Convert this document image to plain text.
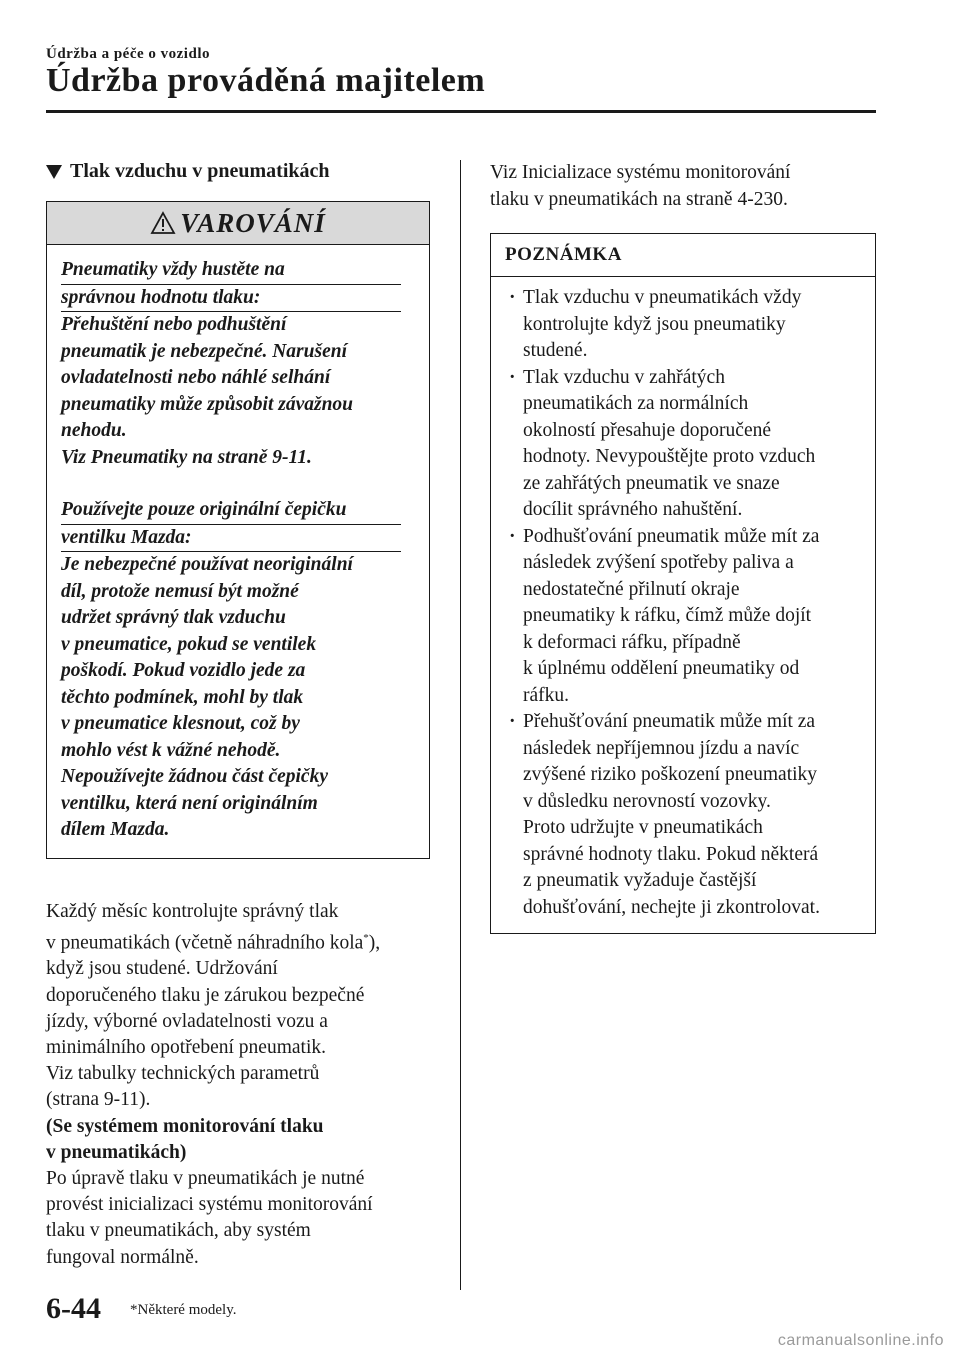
Údržba a péče o vozidlo
Údržba prováděná majitelem
Tlak vzduchu v pneumatikách
VAROVÁNÍ

Pneumatiky vždy hustěte na

správnou hodnotu tlaku:

Přehuštění nebo podhuštění

pneumatik je nebezpečné. Narušení

ovladatelnosti nebo náhlé selhání

pneumatiky může způsobit závažnou

nehodu.

Viz Pneumatiky na straně 9-11.

Používejte pouze originální čepičku

ventilku Mazda:

Je nebezpečné používat neoriginální

díl, protože nemusí být možné

udržet správný tlak vzduchu

v pneumatice, pokud se ventilek

poškodí. Pokud vozidlo jede za

těchto podmínek, mohl by tlak

v pneumatice klesnout, což by

mohlo vést k vážné nehodě.

Nepoužívejte žádnou část čepičky

ventilku, která není originálním

dílem Mazda.

Každý měsíc kontrolujte správný tlak

v pneumatikách (včetně náhradního kola*),

když jsou studené. Udržování

doporučeného tlaku je zárukou bezpečné

jízdy, výborné ovladatelnosti vozu a

minimálního opotřebení pneumatik.

Viz tabulky technických parametrů

(strana 9-11).

(Se systémem monitorování tlaku

v pneumatikách)

Po úpravě tlaku v pneumatikách je nutné

provést inicializaci systému monitorování

tlaku v pneumatikách, aby systém

fungoval normálně.

Viz Inicializace systému monitorování
tlaku v pneumatikách na straně 4-230.
POZNÁMKA
· Tlak vzduchu v pneumatikách vždy
kontrolujte když jsou pneumatiky
studené.
· Tlak vzduchu v zahřátých
pneumatikách za normálních
okolností přesahuje doporučené
hodnoty. Nevypouštějte proto vzduch
ze zahřátých pneumatik ve snaze
docílit správného nahuštění.
· Podhušťování pneumatik může mít za
následek zvýšení spotřeby paliva a
nedostatečné přilnutí okraje
pneumatiky k ráfku, čímž může dojít
k deformaci ráfku, případně
k úplnému oddělení pneumatiky od
ráfku.
· Přehušťování pneumatik může mít za
následek nepříjemnou jízdu a navíc
zvýšené riziko poškození pneumatiky
v důsledku nerovností vozovky.
Proto udržujte v pneumatikách
správné hodnoty tlaku. Pokud některá
z pneumatik vyžaduje častější
dohušťování, nechejte ji zkontrolovat.
6-44 *Některé modely.
carmanualsonline.info
